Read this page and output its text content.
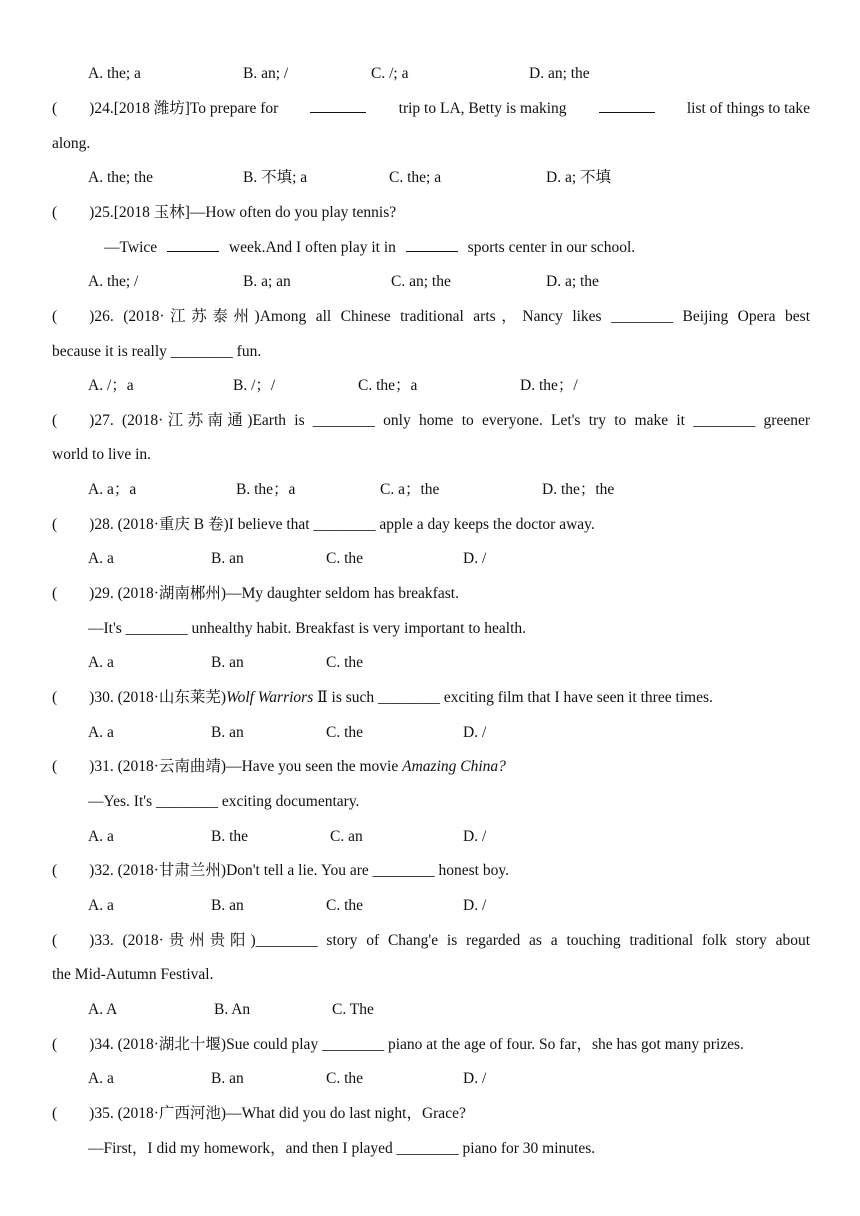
A. the; a	B. an; /	C. /; a	D. an; the
( )24.[2018 潍坊]To prepare for	trip to LA, Betty is making	list of things to take
along.
A. the; the	B. 不填; a	C. the; a	D. a; 不填
( )25.[2018 玉林]—How often do you play tennis?
—Twice	week.And I often play it in	sports center in our school.
A. the; /	B. a; an	C. an; the	D. a; the
( )26. (2018·江苏泰州)Among all Chinese traditional arts，Nancy likes ________ Beijing Opera best
because it is really ________ fun.
A. /；a	B. /；/	C. the；a	D. the；/
( )27. (2018·江苏南通)Earth is ________ only home to everyone. Let's try to make it ________ greener
world to live in.
A. a；a	B. the；a	C. a；the	D. the；the
( )28. (2018·重庆 B 卷)I believe that ________ apple a day keeps the doctor away.
A. a	B. an	C. the	D. /
( )29. (2018·湖南郴州)—My daughter seldom has breakfast.
—It's ________ unhealthy habit. Breakfast is very important to health.
A. a	B. an	C. the
( )30. (2018·山东莱芜)Wolf Warriors Ⅱ is such ________ exciting film that I have seen it three times.
A. a	B. an	C. the	D. /
( )31. (2018·云南曲靖)—Have you seen the movie Amazing China?
—Yes. It's ________ exciting documentary.
A. a	B. the	C. an	D. /
( )32. (2018·甘肃兰州)Don't tell a lie. You are ________ honest boy.
A. a	B. an	C. the	D. /
( )33. (2018·贵州贵阳)________ story of Chang'e is regarded as a touching traditional folk story about
the Mid-Autumn Festival.
A. A	B. An	C. The
( )34. (2018·湖北十堰)Sue could play ________ piano at the age of four. So far，she has got many prizes.
A. a	B. an	C. the	D. /
( )35. (2018·广西河池)—What did you do last night，Grace?
—First，I did my homework，and then I played ________ piano for 30 minutes.
